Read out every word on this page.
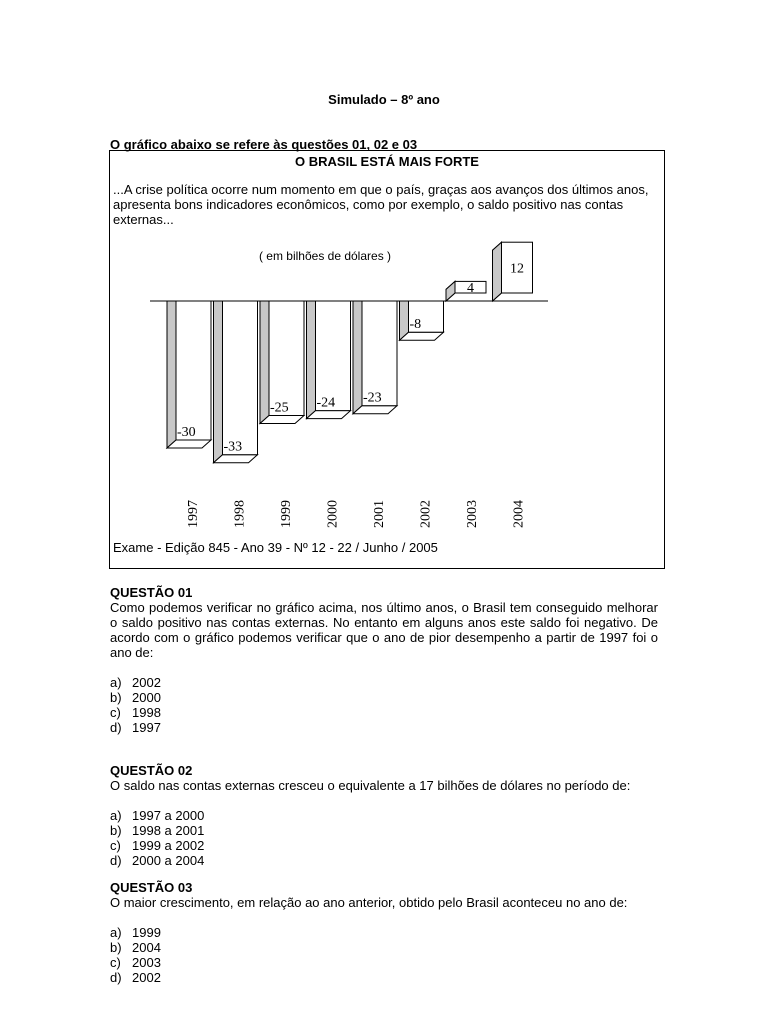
Simulado – 8º ano
O gráfico abaixo se refere às questões 01, 02 e 03
O BRASIL ESTÁ MAIS FORTE
...A crise política ocorre num momento em que o país, graças aos avanços dos últimos anos, apresenta bons indicadores econômicos, como por exemplo, o saldo positivo nas contas externas...
( em bilhões de dólares )
-30
1997
-33
1998
-25
1999
-24
2000
-23
2001
-8
2002
4
2003
12
2004
Exame - Edição 845 - Ano 39 - Nº 12 - 22 / Junho / 2005
QUESTÃO 01
Como podemos verificar no gráfico acima, nos último anos, o Brasil tem conseguido melhorar o saldo positivo nas contas externas. No entanto em alguns anos este saldo foi negativo. De acordo com o gráfico podemos verificar que o ano de pior desempenho a partir de 1997 foi o ano de:
a) 2002
b) 2000
c) 1998
d) 1997
QUESTÃO 02
O saldo nas contas externas cresceu o equivalente a 17 bilhões de dólares no período de:
a) 1997 a 2000
b) 1998 a 2001
c) 1999 a 2002
d) 2000 a 2004
QUESTÃO 03
O maior crescimento, em relação ao ano anterior, obtido pelo Brasil aconteceu no ano de:
a) 1999
b) 2004
c) 2003
d) 2002
